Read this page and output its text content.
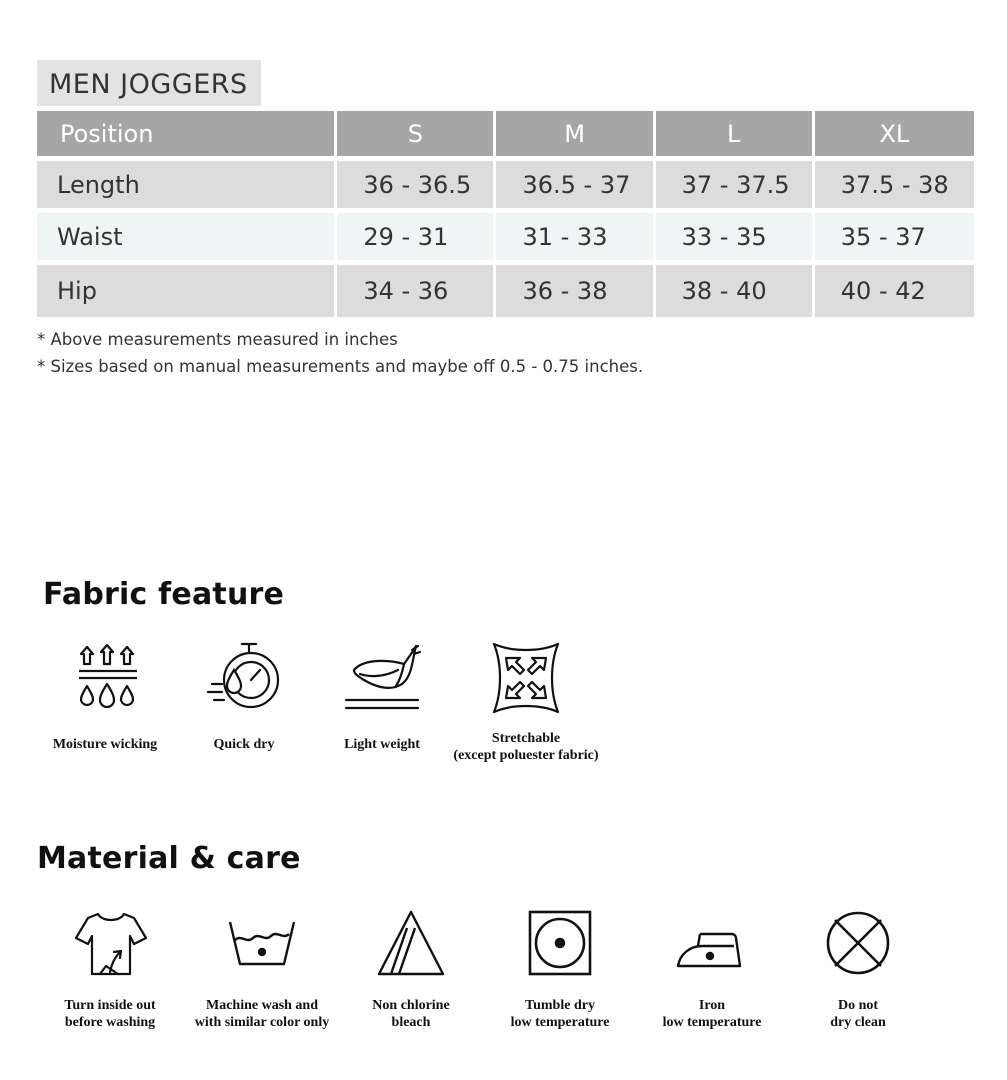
MEN JOGGERS
Position	S	M	L	XL
Length	36 - 36.5	36.5 - 37	37 - 37.5	37.5 - 38
Waist	29 - 31	31 - 33	33 - 35	35 - 37
Hip	34 - 36	36 - 38	38 - 40	40 - 42
* Above measurements measured in inches
* Sizes based on manual measurements and maybe off 0.5 - 0.75 inches.
Fabric feature
Moisture wicking	Quick dry	Light weight	Stretchable
(except poluester fabric)
Material & care
Turn inside out
before washing
Machine wash and
with similar color only
Non chlorine
bleach
Tumble dry
low temperature
Iron
low temperature
Do not
dry clean
